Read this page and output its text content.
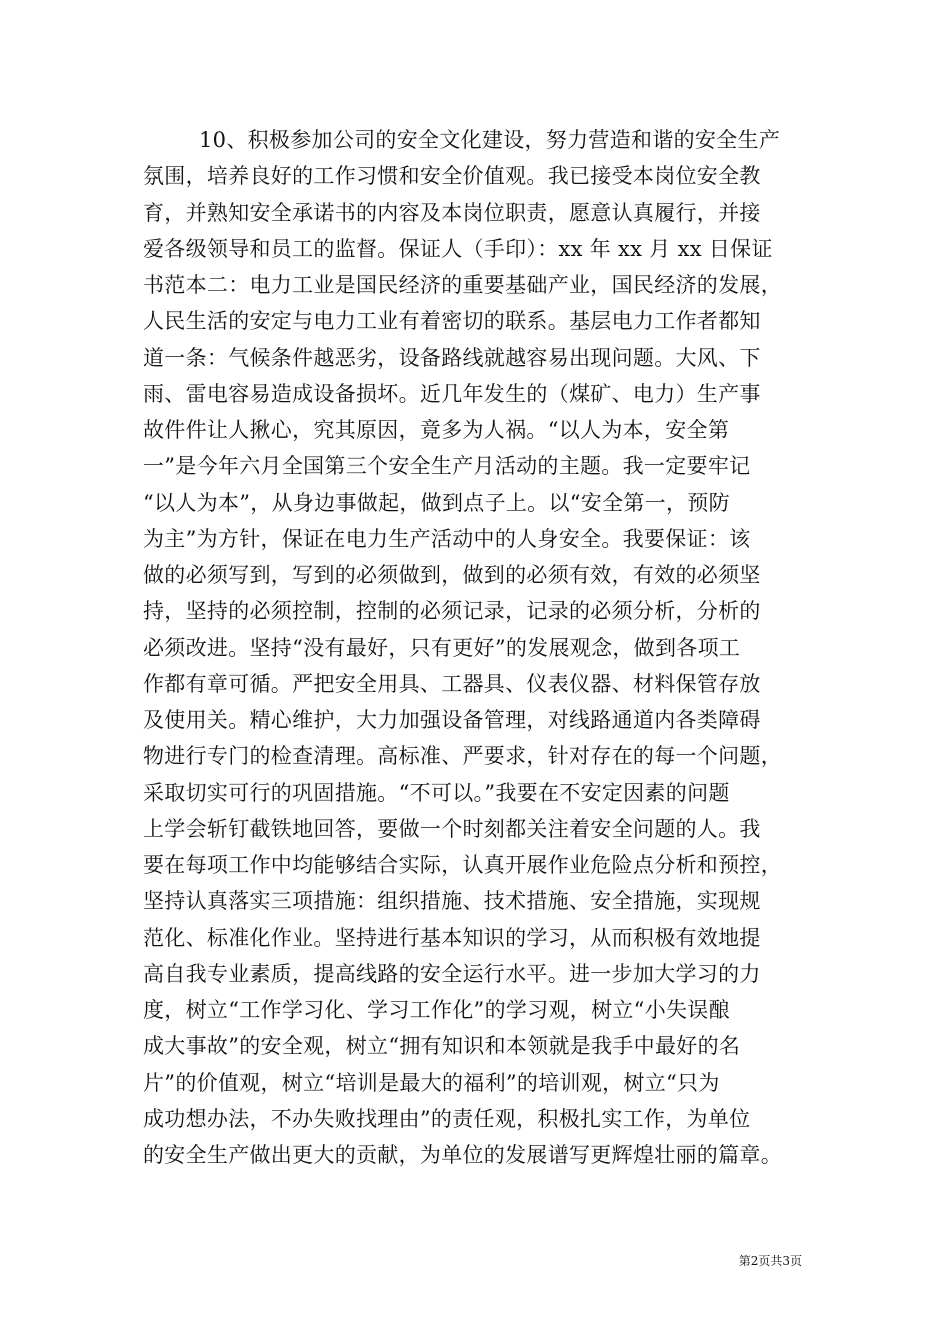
10、积极参加公司的安全文化建设，努力营造和谐的安全生产
氛围，培养良好的工作习惯和安全价值观。我已接受本岗位安全教
育，并熟知安全承诺书的内容及本岗位职责，愿意认真履行，并接
爱各级领导和员工的监督。保证人（手印）：xx 年 xx 月 xx 日保证
书范本二：电力工业是国民经济的重要基础产业，国民经济的发展，
人民生活的安定与电力工业有着密切的联系。基层电力工作者都知
道一条：气候条件越恶劣，设备路线就越容易出现问题。大风、下
雨、雷电容易造成设备损坏。近几年发生的（煤矿、电力）生产事
故件件让人揪心，究其原因，竟多为人祸。“以人为本，安全第
一”是今年六月全国第三个安全生产月活动的主题。我一定要牢记
“以人为本”，从身边事做起，做到点子上。以“安全第一，预防
为主”为方针，保证在电力生产活动中的人身安全。我要保证：该
做的必须写到，写到的必须做到，做到的必须有效，有效的必须坚
持，坚持的必须控制，控制的必须记录，记录的必须分析，分析的
必须改进。坚持“没有最好，只有更好”的发展观念，做到各项工
作都有章可循。严把安全用具、工器具、仪表仪器、材料保管存放
及使用关。精心维护，大力加强设备管理，对线路通道内各类障碍
物进行专门的检查清理。高标准、严要求，针对存在的每一个问题，
采取切实可行的巩固措施。“不可以。”我要在不安定因素的问题
上学会斩钉截铁地回答，要做一个时刻都关注着安全问题的人。我
要在每项工作中均能够结合实际，认真开展作业危险点分析和预控，
坚持认真落实三项措施：组织措施、技术措施、安全措施，实现规
范化、标准化作业。坚持进行基本知识的学习，从而积极有效地提
高自我专业素质，提高线路的安全运行水平。进一步加大学习的力
度，树立“工作学习化、学习工作化”的学习观，树立“小失误酿
成大事故”的安全观，树立“拥有知识和本领就是我手中最好的名
片”的价值观，树立“培训是最大的福利”的培训观，树立“只为
成功想办法，不办失败找理由”的责任观，积极扎实工作，为单位
的安全生产做出更大的贡献，为单位的发展谱写更辉煌壮丽的篇章。
第2页共3页
